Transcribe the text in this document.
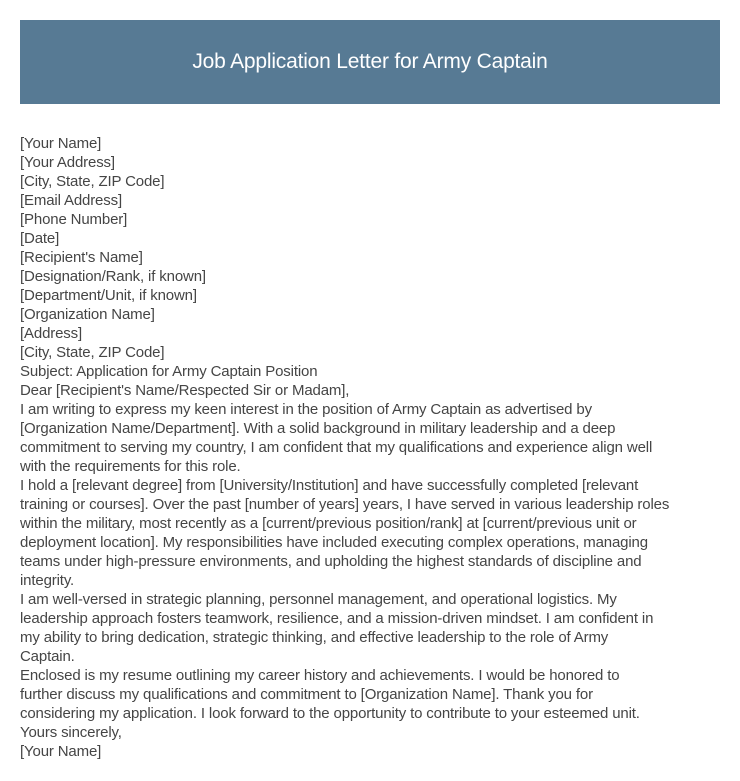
Job Application Letter for Army Captain
[Your Name]
[Your Address]
[City, State, ZIP Code]
[Email Address]
[Phone Number]
[Date]
[Recipient's Name]
[Designation/Rank, if known]
[Department/Unit, if known]
[Organization Name]
[Address]
[City, State, ZIP Code]
Subject: Application for Army Captain Position
Dear [Recipient's Name/Respected Sir or Madam],
I am writing to express my keen interest in the position of Army Captain as advertised by
[Organization Name/Department]. With a solid background in military leadership and a deep
commitment to serving my country, I am confident that my qualifications and experience align well
with the requirements for this role.
I hold a [relevant degree] from [University/Institution] and have successfully completed [relevant
training or courses]. Over the past [number of years] years, I have served in various leadership roles
within the military, most recently as a [current/previous position/rank] at [current/previous unit or
deployment location]. My responsibilities have included executing complex operations, managing
teams under high-pressure environments, and upholding the highest standards of discipline and
integrity.
I am well-versed in strategic planning, personnel management, and operational logistics. My
leadership approach fosters teamwork, resilience, and a mission-driven mindset. I am confident in
my ability to bring dedication, strategic thinking, and effective leadership to the role of Army
Captain.
Enclosed is my resume outlining my career history and achievements. I would be honored to
further discuss my qualifications and commitment to [Organization Name]. Thank you for
considering my application. I look forward to the opportunity to contribute to your esteemed unit.
Yours sincerely,
[Your Name]
